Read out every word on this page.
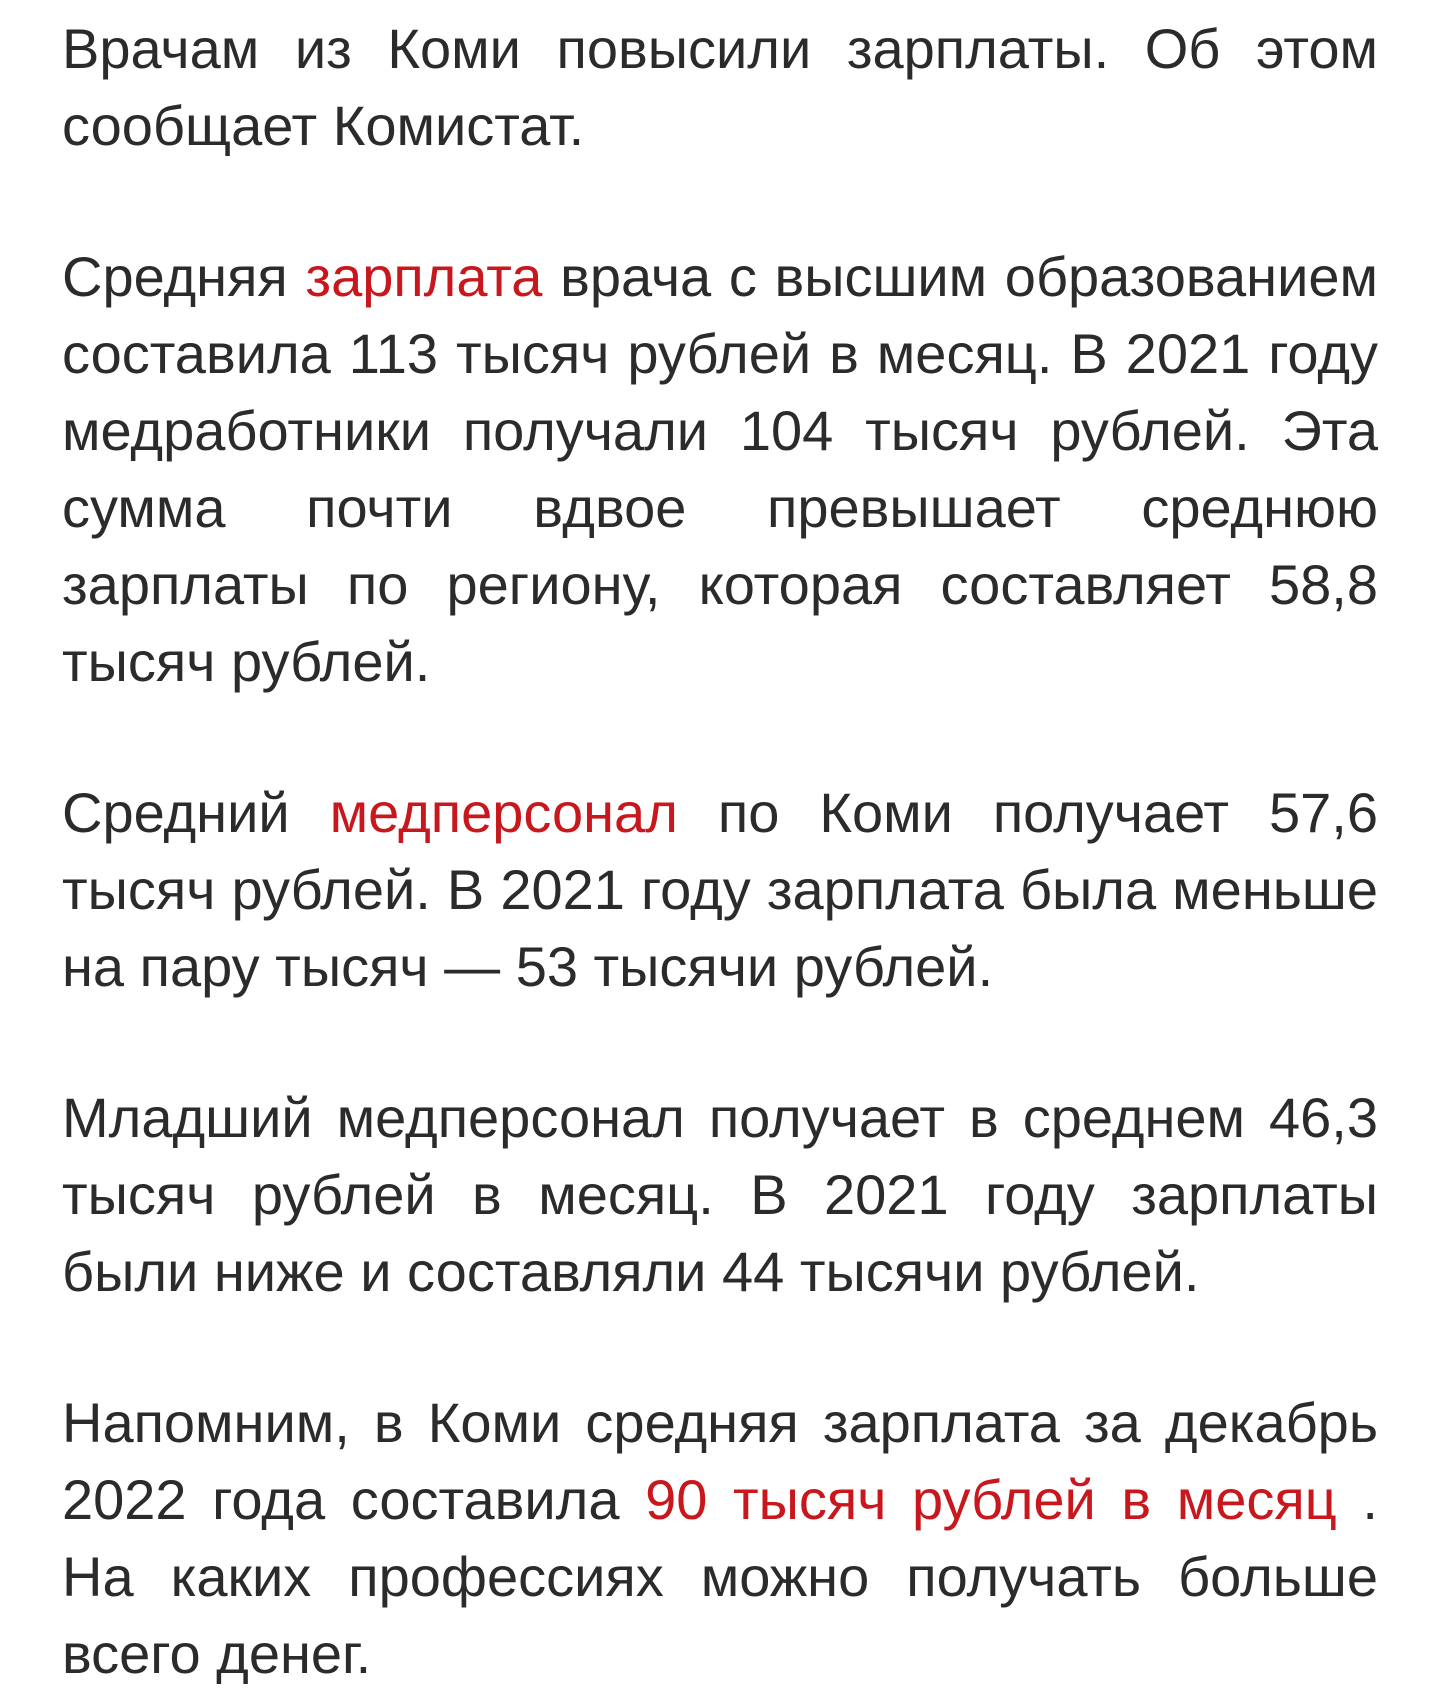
Врачам из Коми повысили зарплаты. Об этом сообщает Комистат.

Средняя зарплата врача с высшим образованием составила 113 тысяч рублей в месяц. В 2021 году медработники получали 104 тысяч рублей. Эта сумма почти вдвое превышает среднюю зарплаты по региону, которая составляет 58,8 тысяч рублей.

Средний медперсонал по Коми получает 57,6 тысяч рублей. В 2021 году зарплата была меньше на пару тысяч — 53 тысячи рублей.

Младший медперсонал получает в среднем 46,3 тысяч рублей в месяц. В 2021 году зарплаты были ниже и составляли 44 тысячи рублей.

Напомним, в Коми средняя зарплата за декабрь 2022 года составила 90 тысяч рублей в месяц . На каких профессиях можно получать больше всего денег.
